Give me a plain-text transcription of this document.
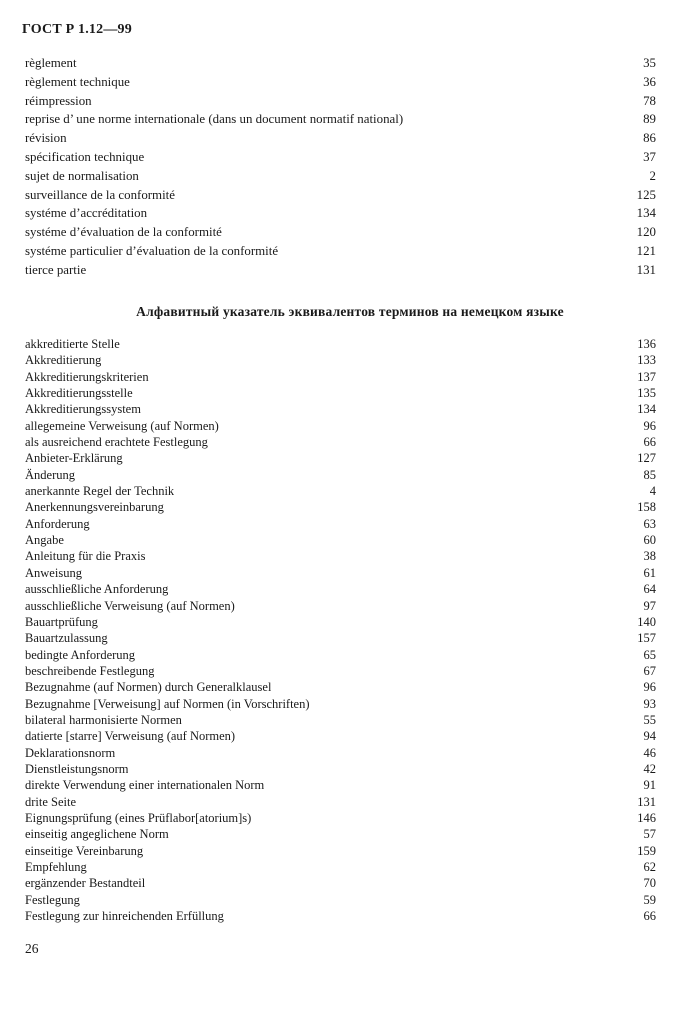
ГОСТ Р 1.12—99
règlement	35
règlement technique	36
réimpression	78
reprise d’ une norme internationale (dans un document normatif national)	89
révision	86
spécification technique	37
sujet de normalisation	2
surveillance de la conformité	125
systéme d’accréditation	134
systéme d’évaluation de la conformité	120
systéme particulier d’évaluation de la conformité	121
tierce partie	131
Алфавитный указатель эквивалентов терминов на немецком языке
akkreditierte Stelle	136
Akkreditierung	133
Akkreditierungskriterien	137
Akkreditierungsstelle	135
Akkreditierungssystem	134
allegemeine Verweisung (auf Normen)	96
als ausreichend erachtete Festlegung	66
Anbieter-Erklärung	127
Änderung	85
anerkannte Regel der Technik	4
Anerkennungsvereinbarung	158
Anforderung	63
Angabe	60
Anleitung für die Praxis	38
Anweisung	61
ausschließliche Anforderung	64
ausschließliche Verweisung (auf Normen)	97
Bauartprüfung	140
Bauartzulassung	157
bedingte Anforderung	65
beschreibende Festlegung	67
Bezugnahme (auf Normen) durch Generalklausel	96
Bezugnahme [Verweisung] auf Normen (in Vorschriften)	93
bilateral harmonisierte Normen	55
datierte [starre] Verweisung (auf Normen)	94
Deklarationsnorm	46
Dienstleistungsnorm	42
direkte Verwendung einer internationalen Norm	91
drite Seite	131
Eignungsprüfung (eines Prüflabor[atorium]s)	146
einseitig angeglichene Norm	57
einseitige Vereinbarung	159
Empfehlung	62
ergänzender Bestandteil	70
Festlegung	59
Festlegung zur hinreichenden Erfüllung	66
26
